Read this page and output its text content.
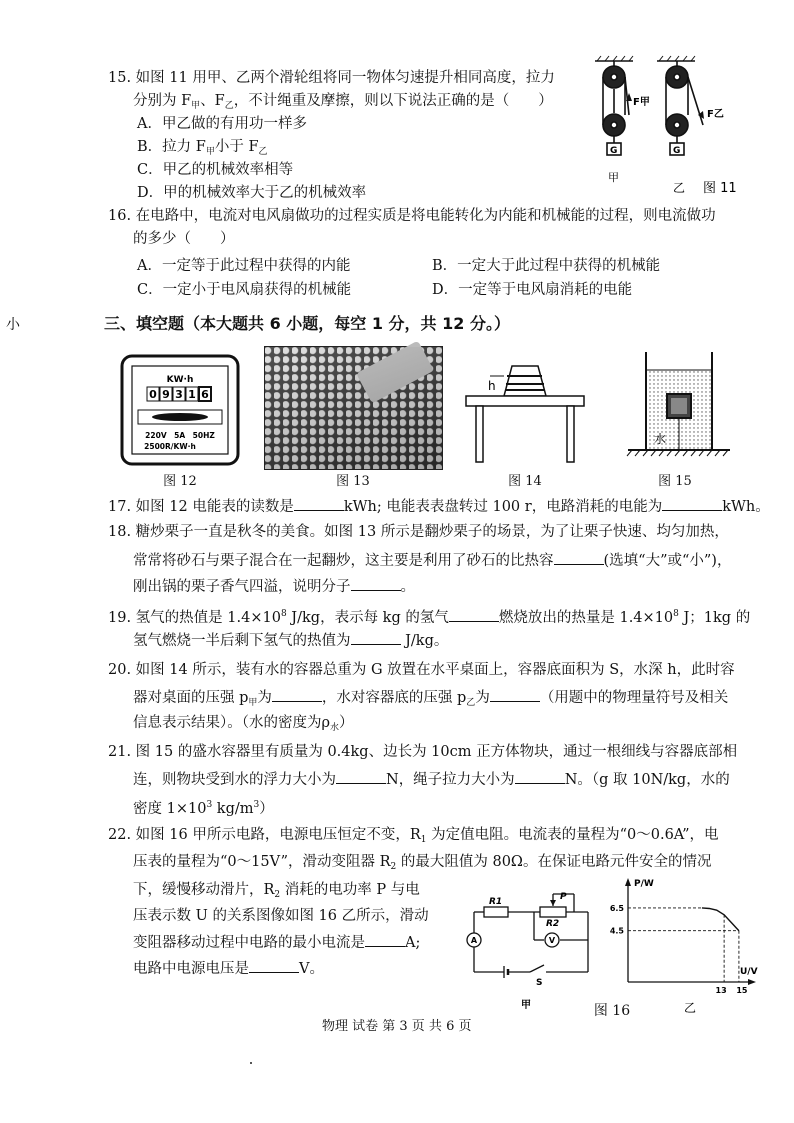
小
15. 如图 11 用甲、乙两个滑轮组将同一物体匀速提升相同高度，拉力
分别为 $F_甲$、$F_乙$，不计绳重及摩擦，则以下说法正确的是（　　）
A．甲乙做的有用功一样多
B．拉力 $F_甲$小于 $F_乙$
C．甲乙的机械效率相等
D．甲的机械效率大于乙的机械效率
F甲
F乙
G	G
甲
乙 图 11
16. 在电路中，电流对电风扇做功的过程实质是将电能转化为内能和机械能的过程，则电流做功
的多少（　　）
A．一定等于此过程中获得的内能	B．一定大于此过程中获得的机械能
C．一定小于电风扇获得的机械能	D．一定等于电风扇消耗的电能
三、填空题（本大题共 6 小题，每空 1 分，共 12 分。）
KW·h
0 9 3 1 6
220V　5A　50HZ
2500R/KW·h
图 12	图 13
h
图 14
水
图 15
17. 如图 12 电能表的读数是	kWh; 电能表表盘转过 100 r，电路消耗的电能为	kWh。
18. 糖炒栗子一直是秋冬的美食。如图 13 所示是翻炒栗子的场景，为了让栗子快速、均匀加热，
常常将砂石与栗子混合在一起翻炒，这主要是利用了砂石的比热容	(选填“大”或“小”)，
刚出锅的栗子香气四溢，说明分子	。
19. 氢气的热值是 $1.4\times 10^8$ J/kg，表示每 kg 的氢气	燃烧放出的热量是 $1.4\times 10^8$ J；1kg 的
氢气燃烧一半后剩下氢气的热值为	J/kg。
20. 如图 14 所示，装有水的容器总重为 G 放置在水平桌面上，容器底面积为 S，水深 h，此时容
器对桌面的压强 $p_甲$为	，水对容器底的压强 $p_乙$为	（用题中的物理量符号及相关
信息表示结果）。（水的密度为$\rho_水$）
21. 图 15 的盛水容器里有质量为 0.4kg、边长为 10cm 正方体物块，通过一根细线与容器底部相
连，则物块受到水的浮力大小为	N，绳子拉力大小为	N。（g 取 10N/kg，水的
密度 $1\times 10^3$ $kg/m^3$）
22. 如图 16 甲所示电路，电源电压恒定不变，$R_1$ 为定值电阻。电流表的量程为“0～0.6A”，电
压表的量程为“0～15V”，滑动变阻器 $R_2$ 的最大阻值为 80Ω。在保证电路元件安全的情况
下，缓慢移动滑片，$R_2$ 消耗的电功率 P 与电
压表示数 U 的关系图像如图 16 乙所示，滑动
变阻器移动过程中电路的最小电流是	A;
电路中电源电压是	V。
R1
R2
P
A	V
S
甲	图 16
P/W
U/V
6.5
4.5
13 15
乙
物理 试卷 第 3 页 共 6 页
